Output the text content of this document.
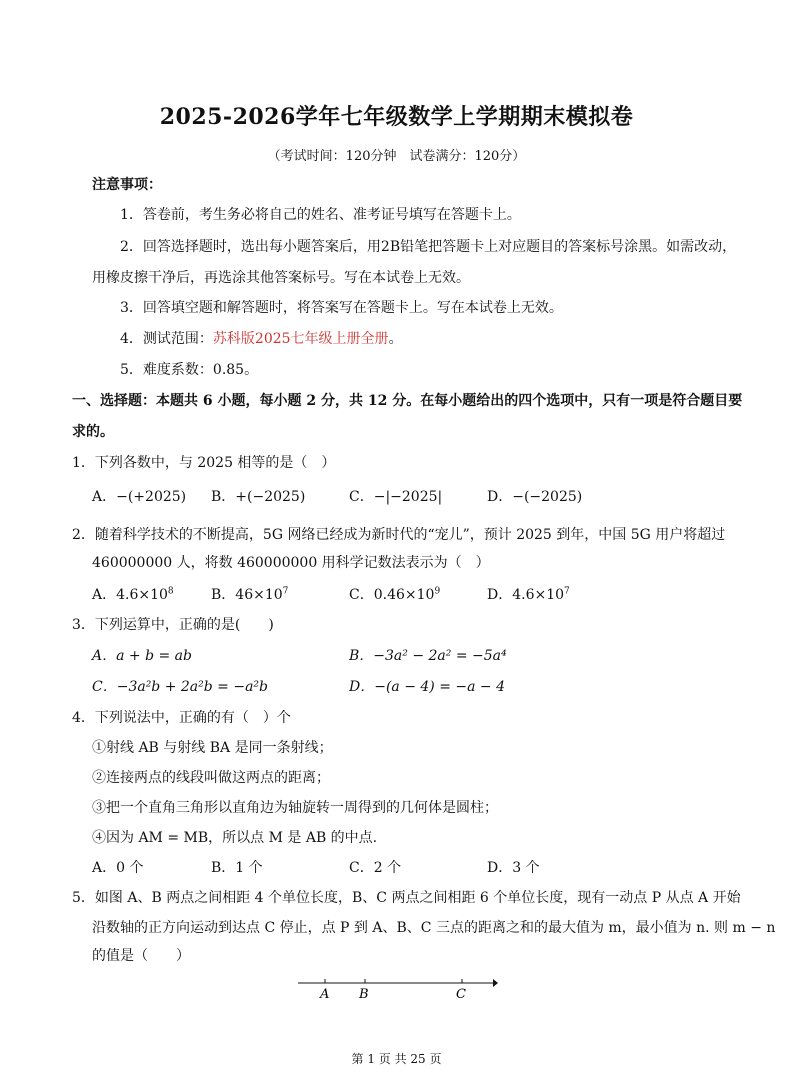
2025-2026学年七年级数学上学期期末模拟卷
（考试时间：120分钟　试卷满分：120分）
注意事项：
1．答卷前，考生务必将自己的姓名、准考证号填写在答题卡上。
2．回答选择题时，选出每小题答案后，用2B铅笔把答题卡上对应题目的答案标号涂黑。如需改动，
用橡皮擦干净后，再选涂其他答案标号。写在本试卷上无效。
3．回答填空题和解答题时，将答案写在答题卡上。写在本试卷上无效。
4．测试范围：苏科版2025七年级上册全册。
5．难度系数：0.85。
一、选择题：本题共 6 小题，每小题 2 分，共 12 分。在每小题给出的四个选项中，只有一项是符合题目要
求的。
1．下列各数中，与 2025 相等的是（　）
A．−(+2025) B．+(−2025)	C．−|−2025|	D．−(−2025)
2．随着科学技术的不断提高，5G 网络已经成为新时代的“宠儿”，预计 2025 到年，中国 5G 用户将超过
460000000 人，将数 460000000 用科学记数法表示为（　）
A．$4.6\times 10^8$	B．$46\times 10^7$	C．$0.46\times 10^9$	D．$4.6\times 10^7$
3．下列运算中，正确的是(　　)
A．a + b = ab	B．−3a² − 2a² = −5a⁴
C．−3a²b + 2a²b = −a²b	D．−(a − 4) = −a − 4
4．下列说法中，正确的有（　）个
①射线 AB 与射线 BA 是同一条射线；
②连接两点的线段叫做这两点的距离；
③把一个直角三角形以直角边为轴旋转一周得到的几何体是圆柱；
④因为 AM = MB，所以点 M 是 AB 的中点.
A．0 个	B．1 个	C．2 个	D．3 个
5．如图 A、B 两点之间相距 4 个单位长度，B、C 两点之间相距 6 个单位长度，现有一动点 P 从点 A 开始
沿数轴的正方向运动到达点 C 停止，点 P 到 A、B、C 三点的距离之和的最大值为 m，最小值为 n. 则 m − n
的值是（　　）
A B	C
第 1 页 共 25 页
